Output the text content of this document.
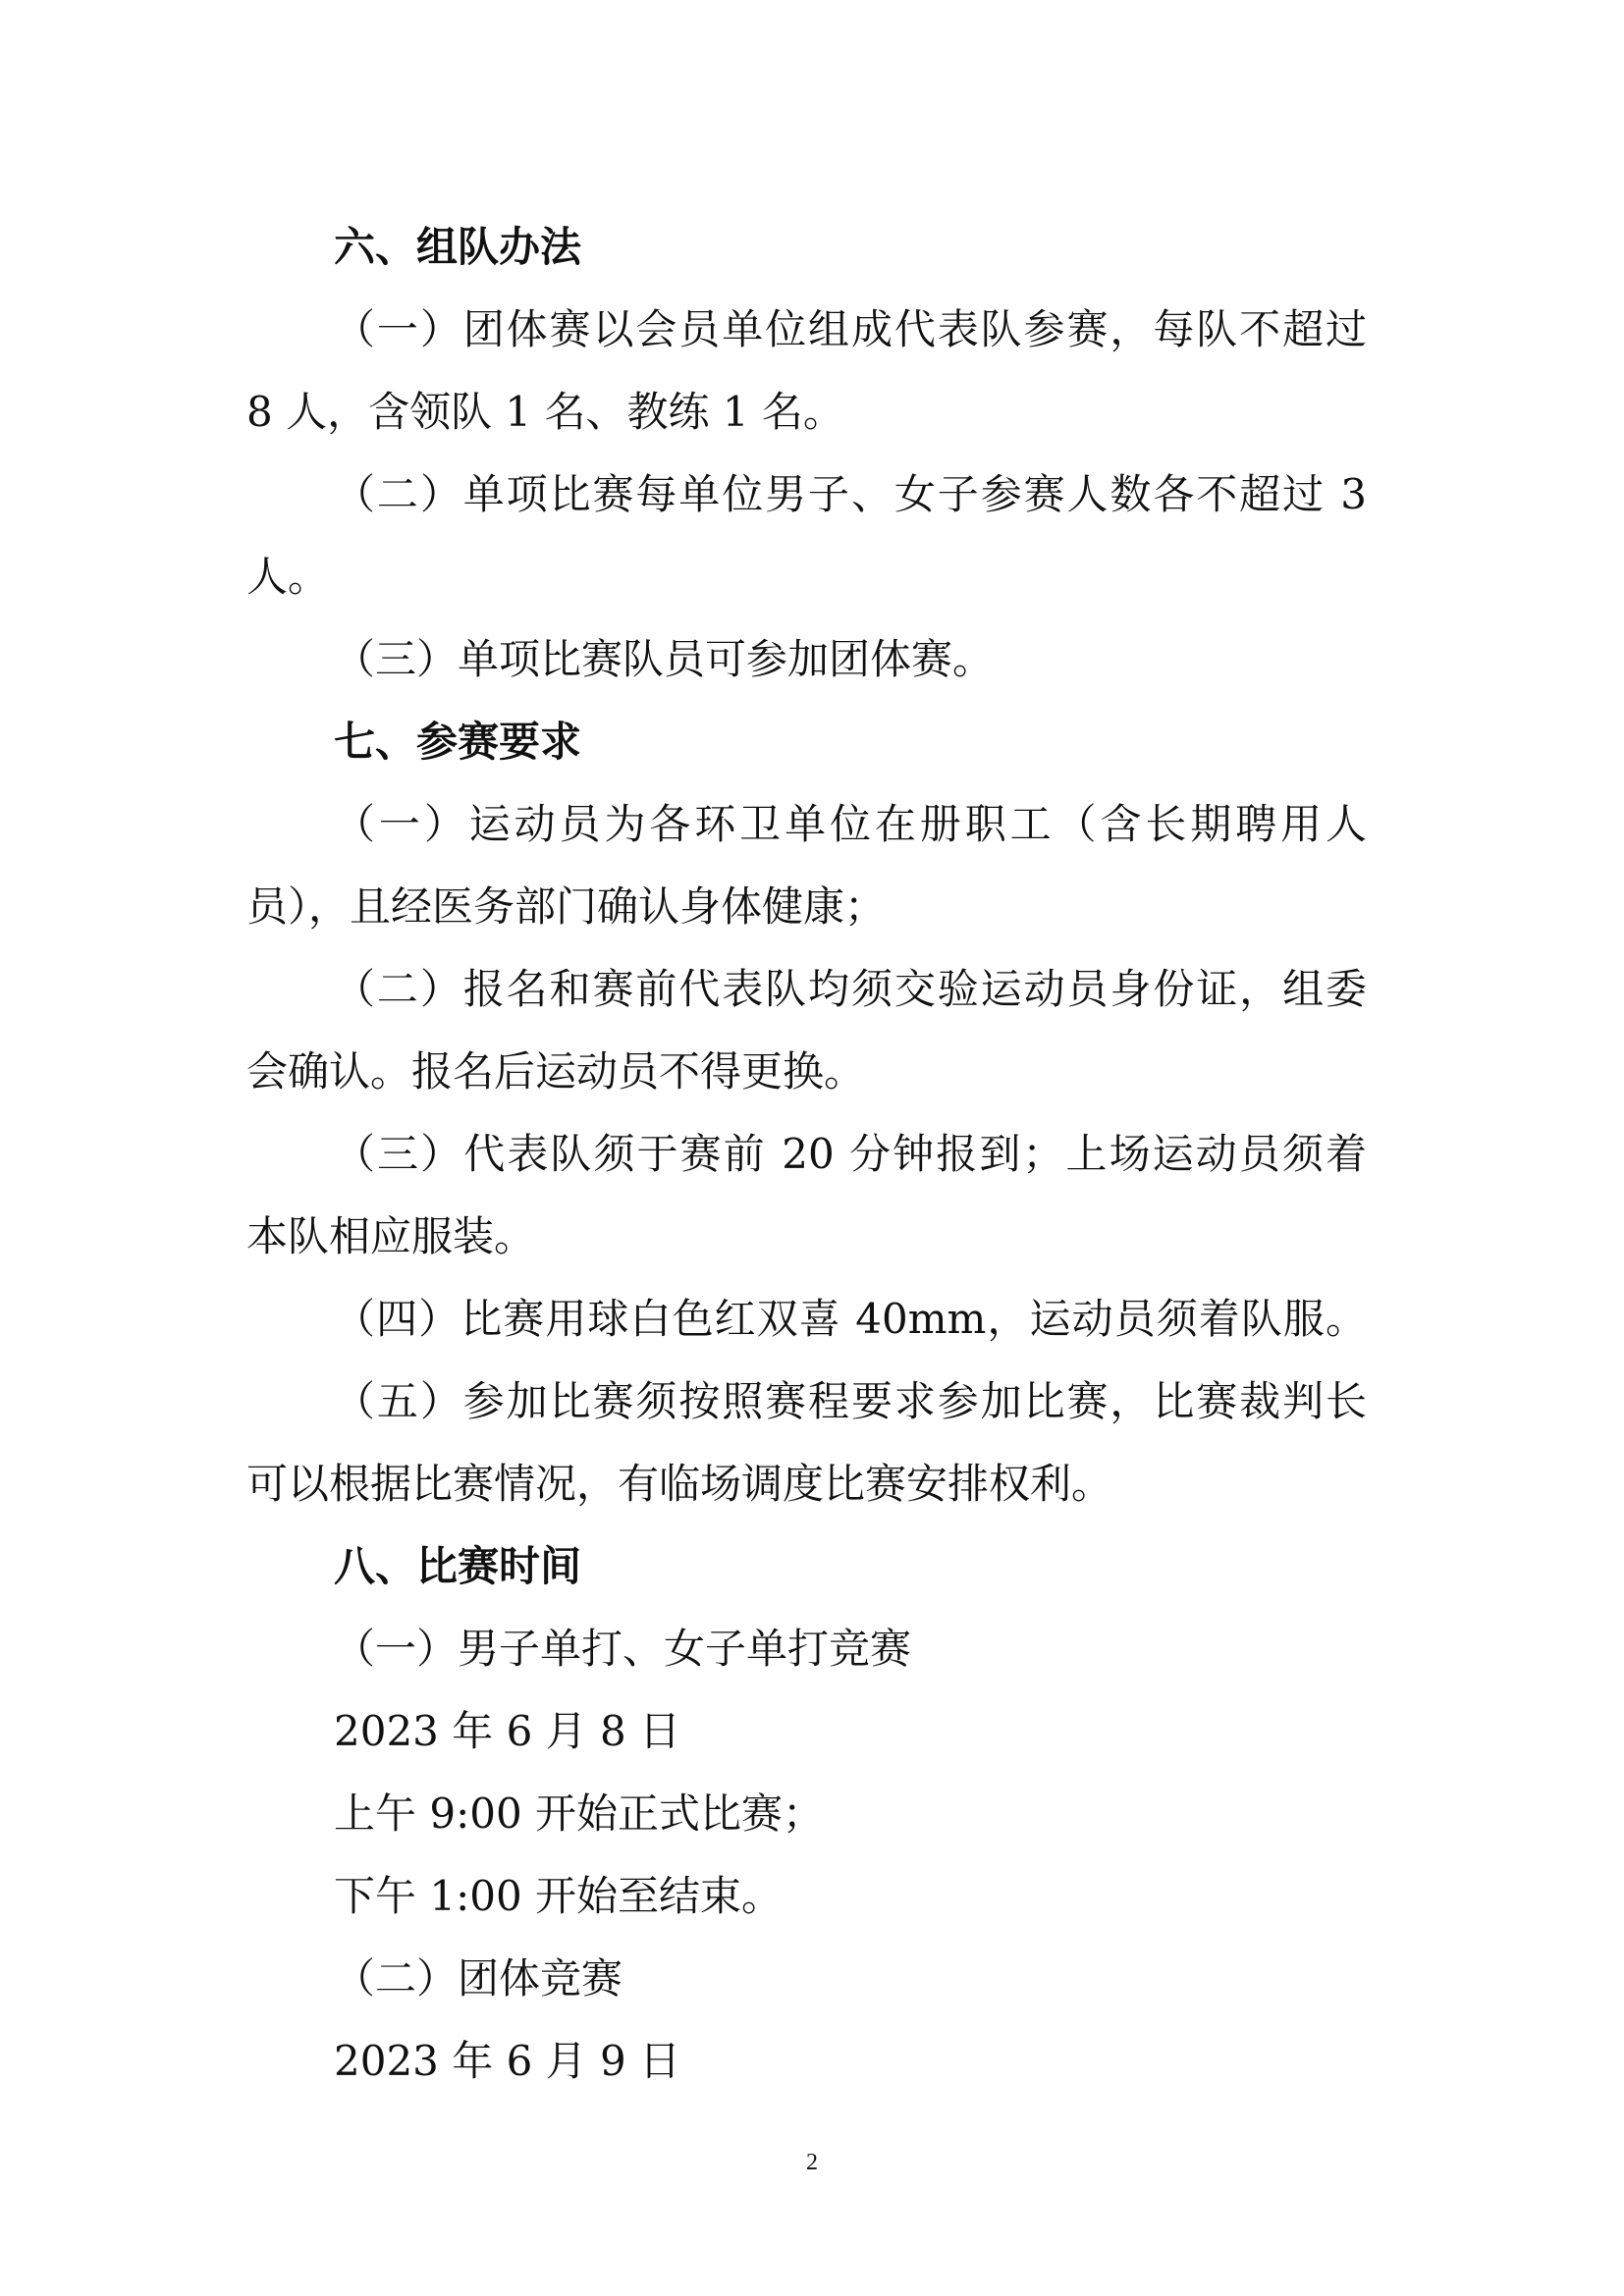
六、组队办法
（一）团体赛以会员单位组成代表队参赛，每队不超过
8 人，含领队 1 名、教练 1 名。
（二）单项比赛每单位男子、女子参赛人数各不超过 3
人。
（三）单项比赛队员可参加团体赛。
七、参赛要求
（一）运动员为各环卫单位在册职工（含长期聘用人
员），且经医务部门确认身体健康；
（二）报名和赛前代表队均须交验运动员身份证，组委
会确认。报名后运动员不得更换。
（三）代表队须于赛前 20 分钟报到；上场运动员须着
本队相应服装。
（四）比赛用球白色红双喜 40mm，运动员须着队服。
（五）参加比赛须按照赛程要求参加比赛，比赛裁判长
可以根据比赛情况，有临场调度比赛安排权利。
八、比赛时间
（一）男子单打、女子单打竞赛
2023 年 6 月 8 日
上午 9:00 开始正式比赛；
下午 1:00 开始至结束。
（二）团体竞赛
2023 年 6 月 9 日
2
